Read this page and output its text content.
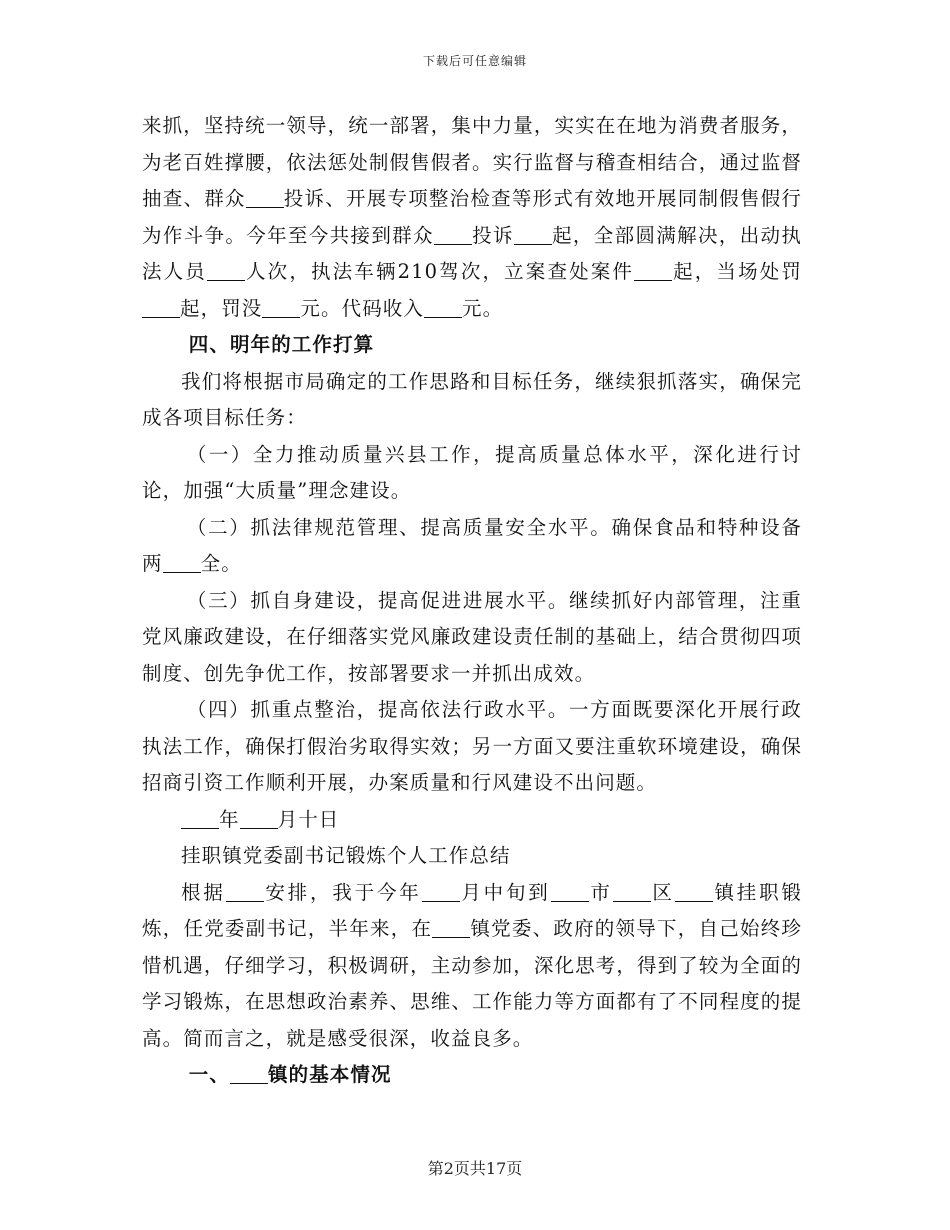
下载后可任意编辑

来抓，坚持统一领导，统一部署，集中力量，实实在在地为消费者服务，为老百姓撑腰，依法惩处制假售假者。实行监督与稽查相结合，通过监督抽查、群众 投诉、开展专项整治检查等形式有效地开展同制假售假行为作斗争。今年至今共接到群众 投诉 起，全部圆满解决，出动执法人员 人次，执法车辆210驾次，立案查处案件 起，当场处罚起，罚没 元。代码收入 元。

四、明年的工作打算

我们将根据市局确定的工作思路和目标任务，继续狠抓落实，确保完成各项目标任务：

（一）全力推动质量兴县工作，提高质量总体水平，深化进行讨论，加强“大质量”理念建设。

（二）抓法律规范管理、提高质量安全水平。确保食品和特种设备两 全。

（三）抓自身建设，提高促进进展水平。继续抓好内部管理，注重党风廉政建设，在仔细落实党风廉政建设责任制的基础上，结合贯彻四项制度、创先争优工作，按部署要求一并抓出成效。

（四）抓重点整治，提高依法行政水平。一方面既要深化开展行政执法工作，确保打假治劣取得实效；另一方面又要注重软环境建设，确保招商引资工作顺利开展，办案质量和行风建设不出问题。

年 月十日

挂职镇党委副书记锻炼个人工作总结

根据 安排，我于今年 月中旬到 市 区 镇挂职锻炼，任党委副书记，半年来，在 镇党委、政府的领导下，自己始终珍惜机遇，仔细学习，积极调研，主动参加，深化思考，得到了较为全面的学习锻炼，在思想政治素养、思维、工作能力等方面都有了不同程度的提高。简而言之，就是感受很深，收益良多。

一、 镇的基本情况

第2页共17页
